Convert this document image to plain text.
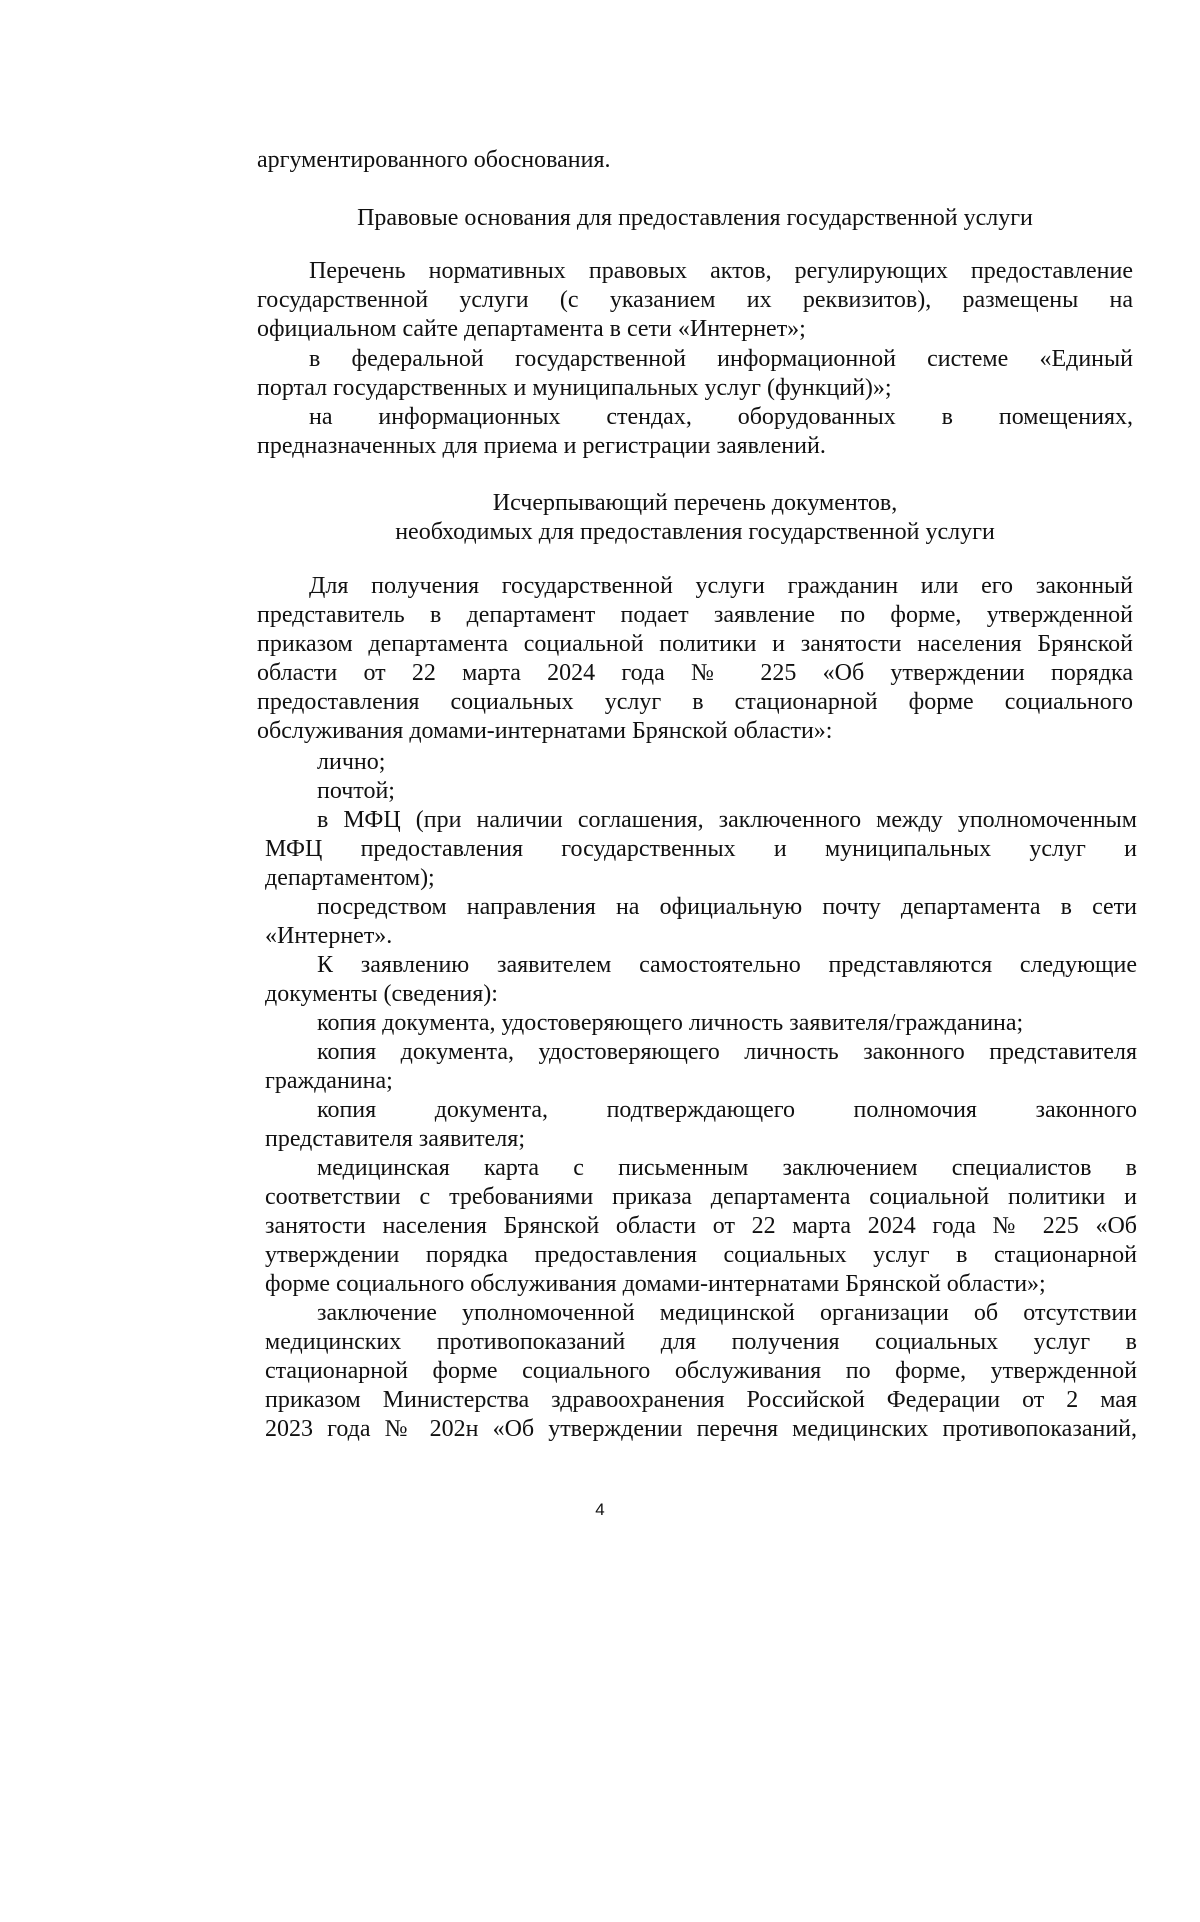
аргументированного обоснования.

Правовые основания для предоставления государственной услуги

Перечень нормативных правовых актов, регулирующих предоставление
государственной услуги (с указанием их реквизитов), размещены на
официальном сайте департамента в сети «Интернет»;
в федеральной государственной информационной системе «Единый
портал государственных и муниципальных услуг (функций)»;
на информационных стендах, оборудованных в помещениях,
предназначенных для приема и регистрации заявлений.
Исчерпывающий перечень документов,
необходимых для предоставления государственной услуги
Для получения государственной услуги гражданин или его законный
представитель в департамент подает заявление по форме, утвержденной
приказом департамента социальной политики и занятости населения Брянской
области от 22 марта 2024 года № 225 «Об утверждении порядка
предоставления социальных услуг в стационарной форме социального
обслуживания домами-интернатами Брянской области»:
лично;
почтой;
в МФЦ (при наличии соглашения, заключенного между уполномоченным
МФЦ предоставления государственных и муниципальных услуг и
департаментом);
посредством направления на официальную почту департамента в сети
«Интернет».
К заявлению заявителем самостоятельно представляются следующие
документы (сведения):
копия документа, удостоверяющего личность заявителя/гражданина;
копия документа, удостоверяющего личность законного представителя
гражданина;
копия документа, подтверждающего полномочия законного
представителя заявителя;
медицинская карта с письменным заключением специалистов в
соответствии с требованиями приказа департамента социальной политики и
занятости населения Брянской области от 22 марта 2024 года № 225 «Об
утверждении порядка предоставления социальных услуг в стационарной
форме социального обслуживания домами-интернатами Брянской области»;
заключение уполномоченной медицинской организации об отсутствии
медицинских противопоказаний для получения социальных услуг в
стационарной форме социального обслуживания по форме, утвержденной
приказом Министерства здравоохранения Российской Федерации от 2 мая
2023 года № 202н «Об утверждении перечня медицинских противопоказаний,
4
